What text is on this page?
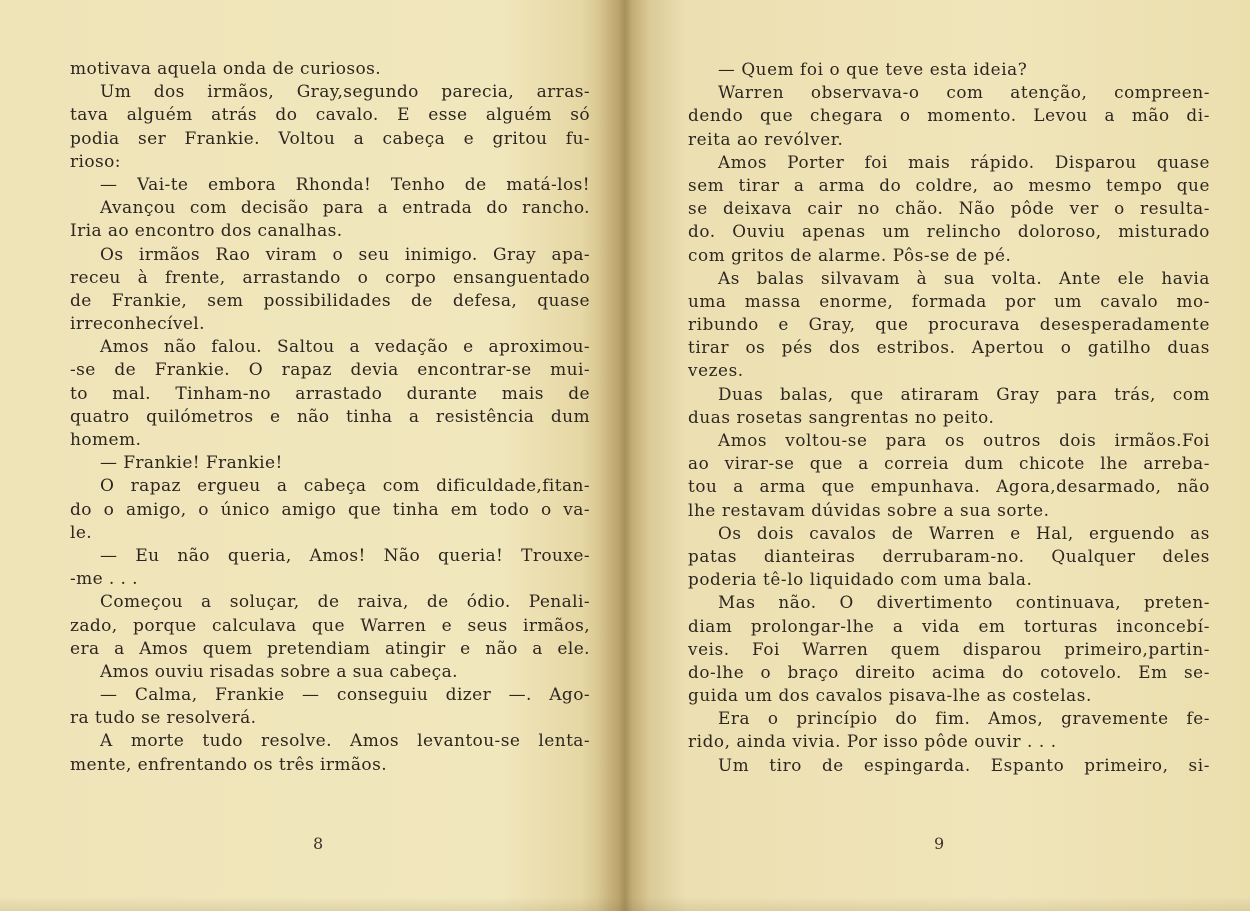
motivava aquela onda de curiosos.
Um dos irmãos, Gray,segundo parecia, arras-
tava alguém atrás do cavalo. E esse alguém só
podia ser Frankie. Voltou a cabeça e gritou fu-
rioso:
— Vai-te embora Rhonda! Tenho de matá-los!
Avançou com decisão para a entrada do rancho.
Iria ao encontro dos canalhas.
Os irmãos Rao viram o seu inimigo. Gray apa-
receu à frente, arrastando o corpo ensanguentado
de Frankie, sem possibilidades de defesa, quase
irreconhecível.
Amos não falou. Saltou a vedação e aproximou-
-se de Frankie. O rapaz devia encontrar-se mui-
to mal. Tinham-no arrastado durante mais de
quatro quilómetros e não tinha a resistência dum
homem.
— Frankie! Frankie!
O rapaz ergueu a cabeça com dificuldade,fitan-
do o amigo, o único amigo que tinha em todo o va-
le.
— Eu não queria, Amos! Não queria! Trouxe-
-me . . .
Começou a soluçar, de raiva, de ódio. Penali-
zado, porque calculava que Warren e seus irmãos,
era a Amos quem pretendiam atingir e não a ele.
Amos ouviu risadas sobre a sua cabeça.
— Calma, Frankie — conseguiu dizer —. Ago-
ra tudo se resolverá.
A morte tudo resolve. Amos levantou-se lenta-
mente, enfrentando os três irmãos.
8
— Quem foi o que teve esta ideia?
Warren observava-o com atenção, compreen-
dendo que chegara o momento. Levou a mão di-
reita ao revólver.
Amos Porter foi mais rápido. Disparou quase
sem tirar a arma do coldre, ao mesmo tempo que
se deixava cair no chão. Não pôde ver o resulta-
do. Ouviu apenas um relincho doloroso, misturado
com gritos de alarme. Pôs-se de pé.
As balas silvavam à sua volta. Ante ele havia
uma massa enorme, formada por um cavalo mo-
ribundo e Gray, que procurava desesperadamente
tirar os pés dos estribos. Apertou o gatilho duas
vezes.
Duas balas, que atiraram Gray para trás, com
duas rosetas sangrentas no peito.
Amos voltou-se para os outros dois irmãos.Foi
ao virar-se que a correia dum chicote lhe arreba-
tou a arma que empunhava. Agora,desarmado, não
lhe restavam dúvidas sobre a sua sorte.
Os dois cavalos de Warren e Hal, erguendo as
patas dianteiras derrubaram-no. Qualquer deles
poderia tê-lo liquidado com uma bala.
Mas não. O divertimento continuava, preten-
diam prolongar-lhe a vida em torturas inconcebí-
veis. Foi Warren quem disparou primeiro,partin-
do-lhe o braço direito acima do cotovelo. Em se-
guida um dos cavalos pisava-lhe as costelas.
Era o princípio do fim. Amos, gravemente fe-
rido, ainda vivia. Por isso pôde ouvir . . .
Um tiro de espingarda. Espanto primeiro, si-
9
